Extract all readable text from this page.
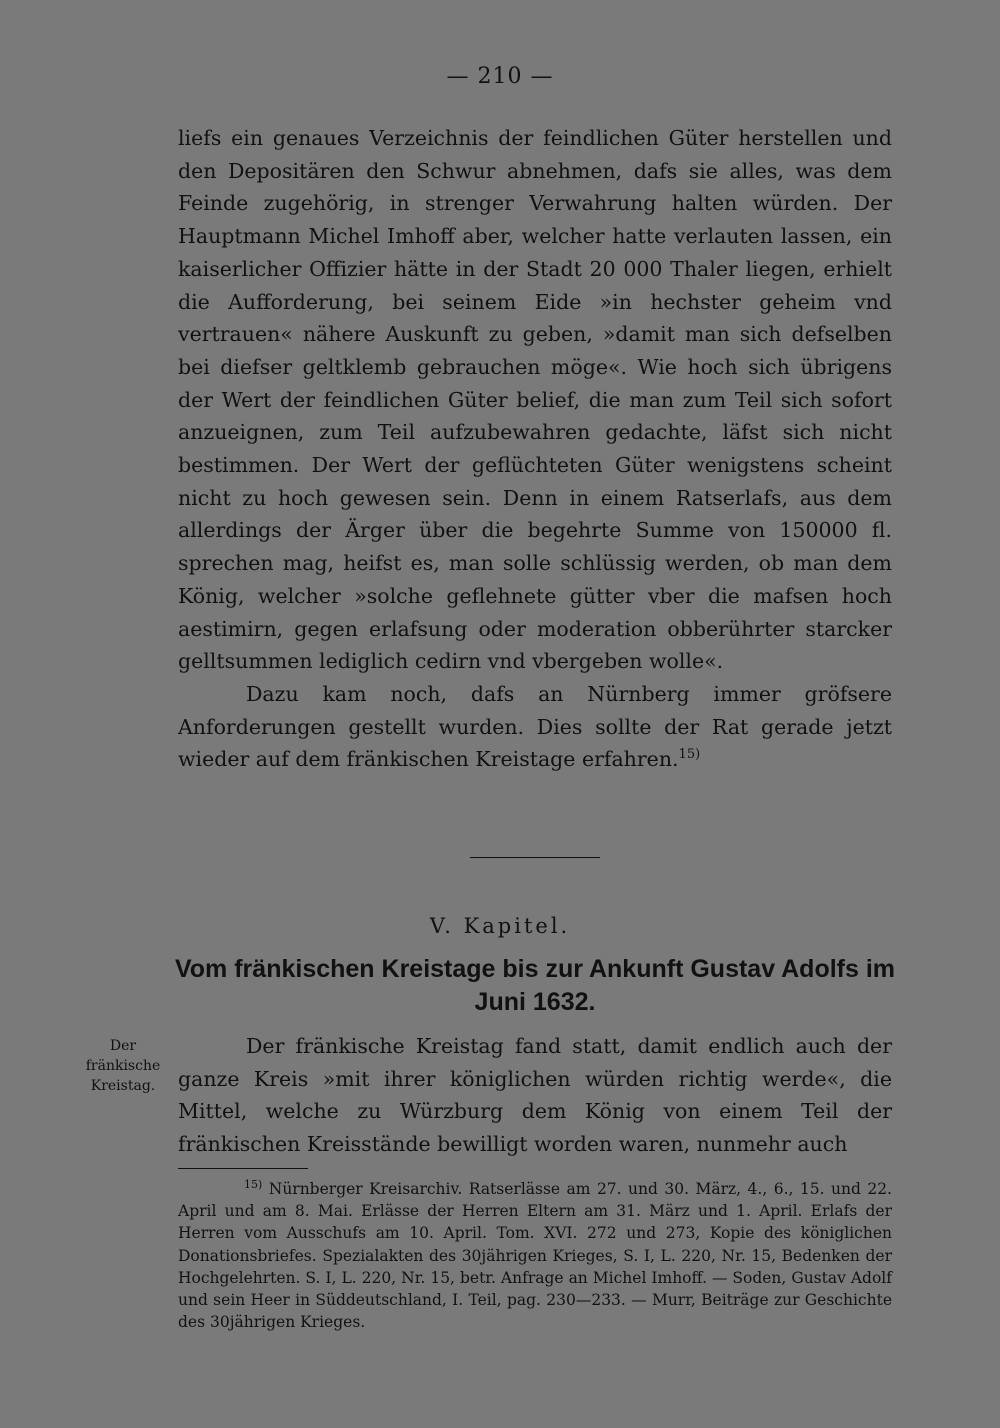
— 210 —

liefs ein genaues Verzeichnis der feindlichen Güter herstellen und den Depositären den Schwur abnehmen, dafs sie alles, was dem Feinde zugehörig, in strenger Verwahrung halten würden. Der Hauptmann Michel Imhoff aber, welcher hatte verlauten lassen, ein kaiserlicher Offizier hätte in der Stadt 20 000 Thaler liegen, erhielt die Aufforderung, bei seinem Eide »in hechster geheim vnd vertrauen« nähere Auskunft zu geben, »damit man sich defselben bei diefser geltklemb gebrauchen möge«. Wie hoch sich übrigens der Wert der feindlichen Güter belief, die man zum Teil sich sofort anzueignen, zum Teil aufzubewahren gedachte, läfst sich nicht bestimmen. Der Wert der geflüchteten Güter wenigstens scheint nicht zu hoch gewesen sein. Denn in einem Ratserlafs, aus dem allerdings der Ärger über die begehrte Summe von 150000 fl. sprechen mag, heifst es, man solle schlüssig werden, ob man dem König, welcher »solche geflehnete gütter vber die mafsen hoch aestimirn, gegen erlafsung oder moderation obberührter starcker gelltsummen lediglich cedirn vnd vbergeben wolle«.

Dazu kam noch, dafs an Nürnberg immer gröfsere Anforderungen gestellt wurden. Dies sollte der Rat gerade jetzt wieder auf dem fränkischen Kreistage erfahren.$^{15)}$

V. Kapitel.
Vom fränkischen Kreistage bis zur Ankunft Gustav Adolfs im Juni 1632.
Der fränkische Kreistag.

Der fränkische Kreistag fand statt, damit endlich auch der ganze Kreis »mit ihrer königlichen würden richtig werde«, die Mittel, welche zu Würzburg dem König von einem Teil der fränkischen Kreisstände bewilligt worden waren, nunmehr auch

$^{15)}$ Nürnberger Kreisarchiv. Ratserlässe am 27. und 30. März, 4., 6., 15. und 22. April und am 8. Mai. Erlässe der Herren Eltern am 31. März und 1. April. Erlafs der Herren vom Ausschufs am 10. April. Tom. XVI. 272 und 273, Kopie des königlichen Donationsbriefes. Spezialakten des 30jährigen Krieges, S. I, L. 220, Nr. 15, Bedenken der Hochgelehrten. S. I, L. 220, Nr. 15, betr. Anfrage an Michel Imhoff. — Soden, Gustav Adolf und sein Heer in Süddeutschland, I. Teil, pag. 230—233. — Murr, Beiträge zur Geschichte des 30jährigen Krieges.
